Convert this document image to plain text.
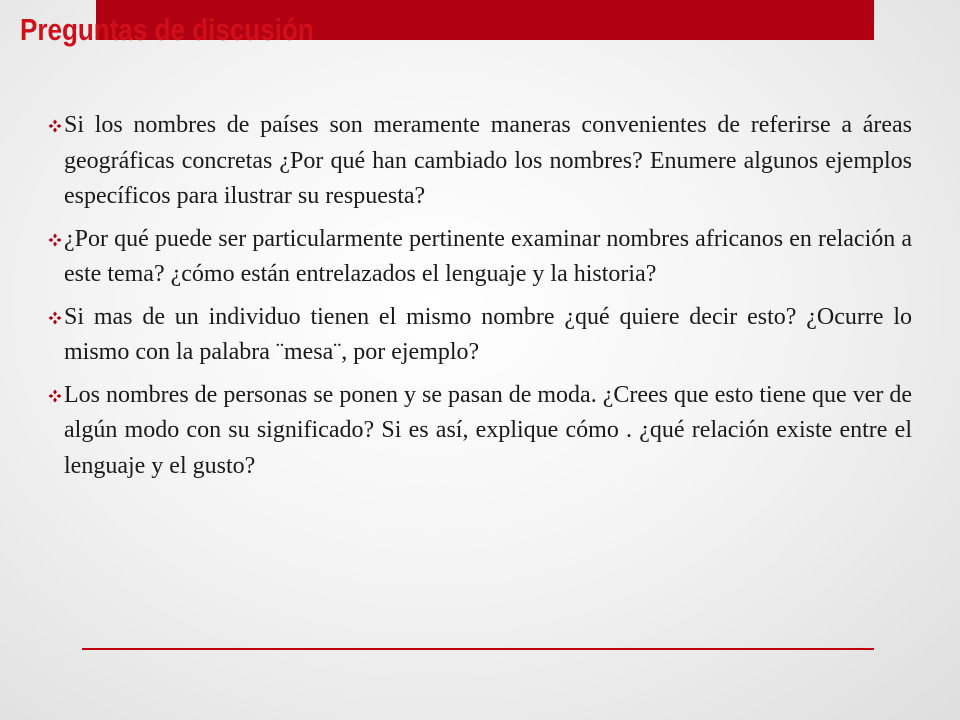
Preguntas de discusión
Si los nombres de países son meramente maneras convenientes de referirse a áreas geográficas concretas ¿Por qué han cambiado los nombres? Enumere algunos ejemplos específicos para ilustrar su respuesta?
¿Por qué puede ser particularmente pertinente examinar nombres africanos en relación a este tema? ¿cómo están entrelazados el lenguaje y la historia?
Si mas de un individuo tienen el mismo nombre ¿qué quiere decir esto? ¿Ocurre lo mismo con la palabra ¨mesa¨, por ejemplo?
Los nombres de personas se ponen y se pasan de moda. ¿Crees que esto tiene que ver de algún modo con su significado? Si es así, explique cómo . ¿qué relación existe entre el lenguaje y el gusto?
